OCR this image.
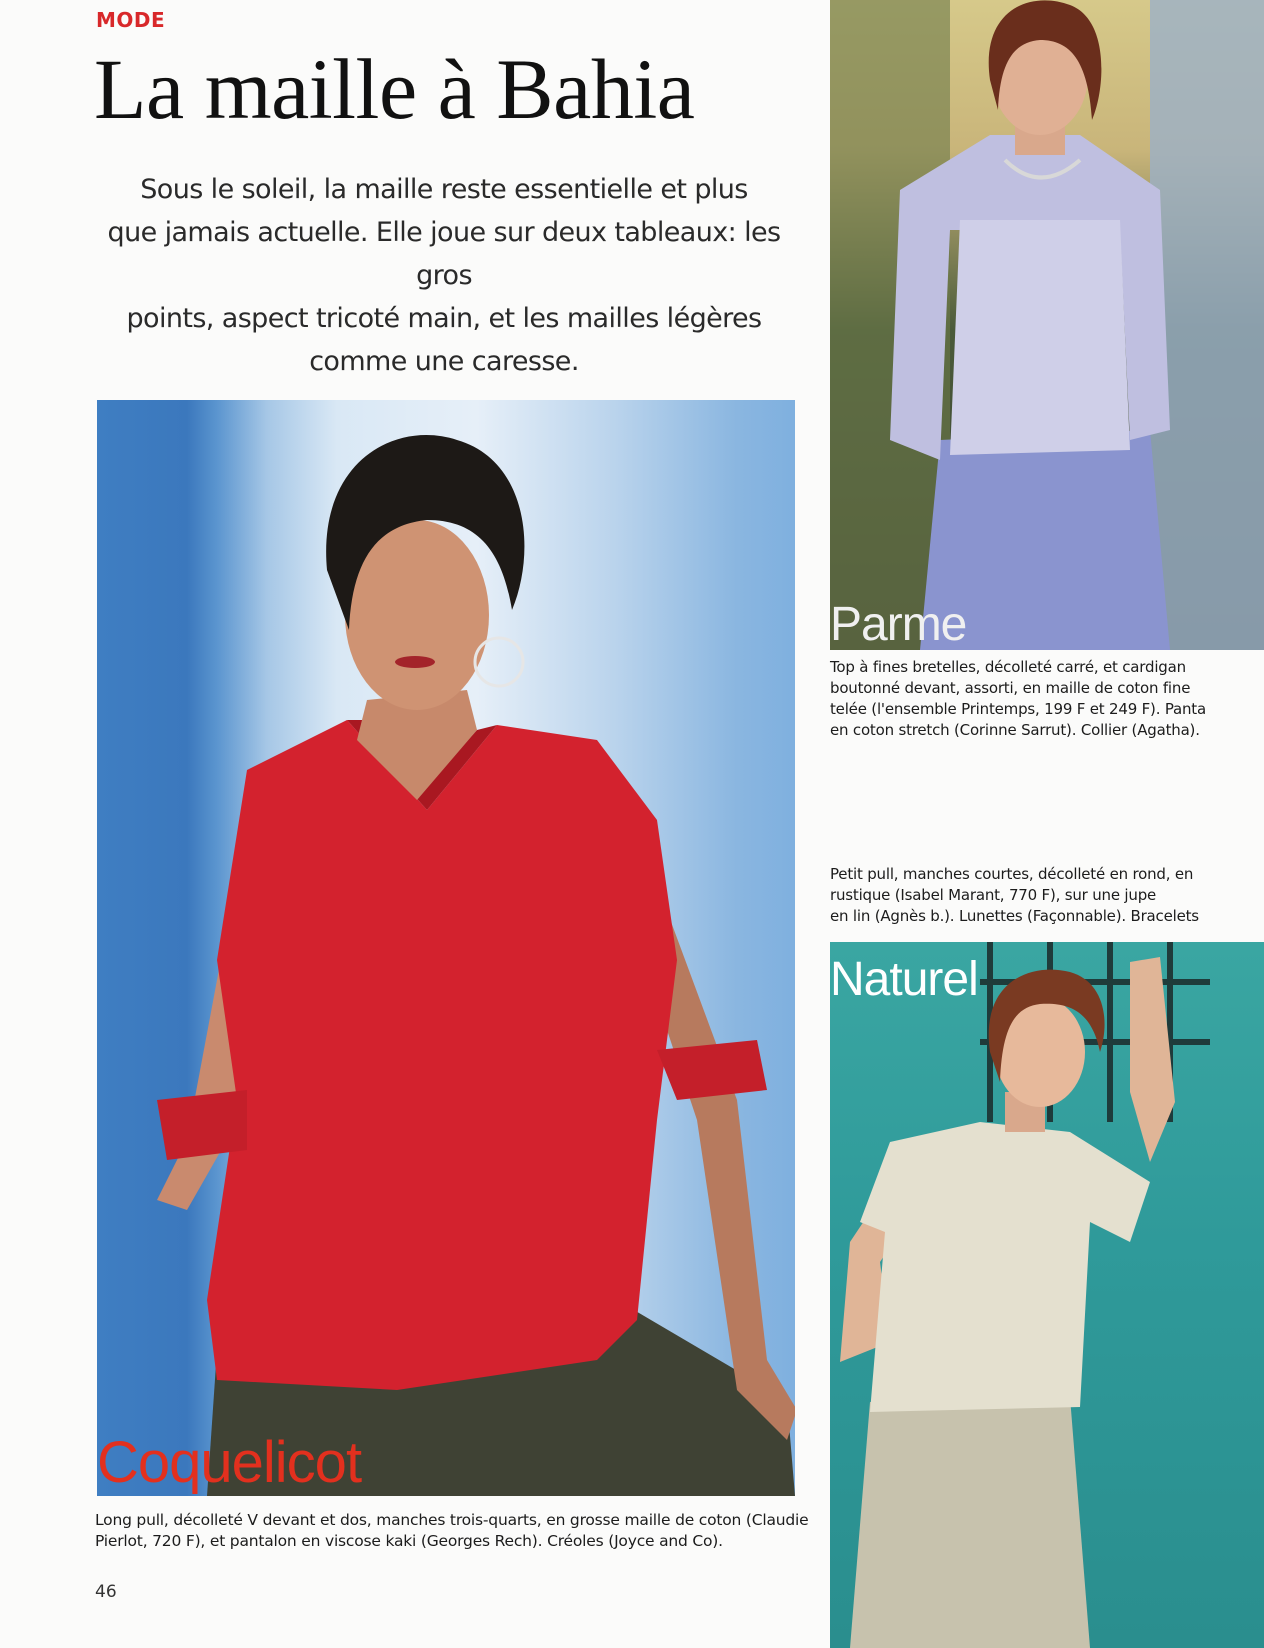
MODE
La maille à Bahia

Sous le soleil, la maille reste essentielle et plus
que jamais actuelle. Elle joue sur deux tableaux: les gros
points, aspect tricoté main, et les mailles légères
comme une caresse.

Coquelicot
Parme

Top à fines bretelles, décolleté carré, et cardigan
boutonné devant, assorti, en maille de coton fine
telée (l'ensemble Printemps, 199 F et 249 F). Panta
en coton stretch (Corinne Sarrut). Collier (Agatha).

Petit pull, manches courtes, décolleté en rond, en
rustique (Isabel Marant, 770 F), sur une jupe
en lin (Agnès b.). Lunettes (Façonnable). Bracelets

Naturel

Long pull, décolleté V devant et dos, manches trois-quarts, en grosse maille de coton (Claudie
Pierlot, 720 F), et pantalon en viscose kaki (Georges Rech). Créoles (Joyce and Co).

46
